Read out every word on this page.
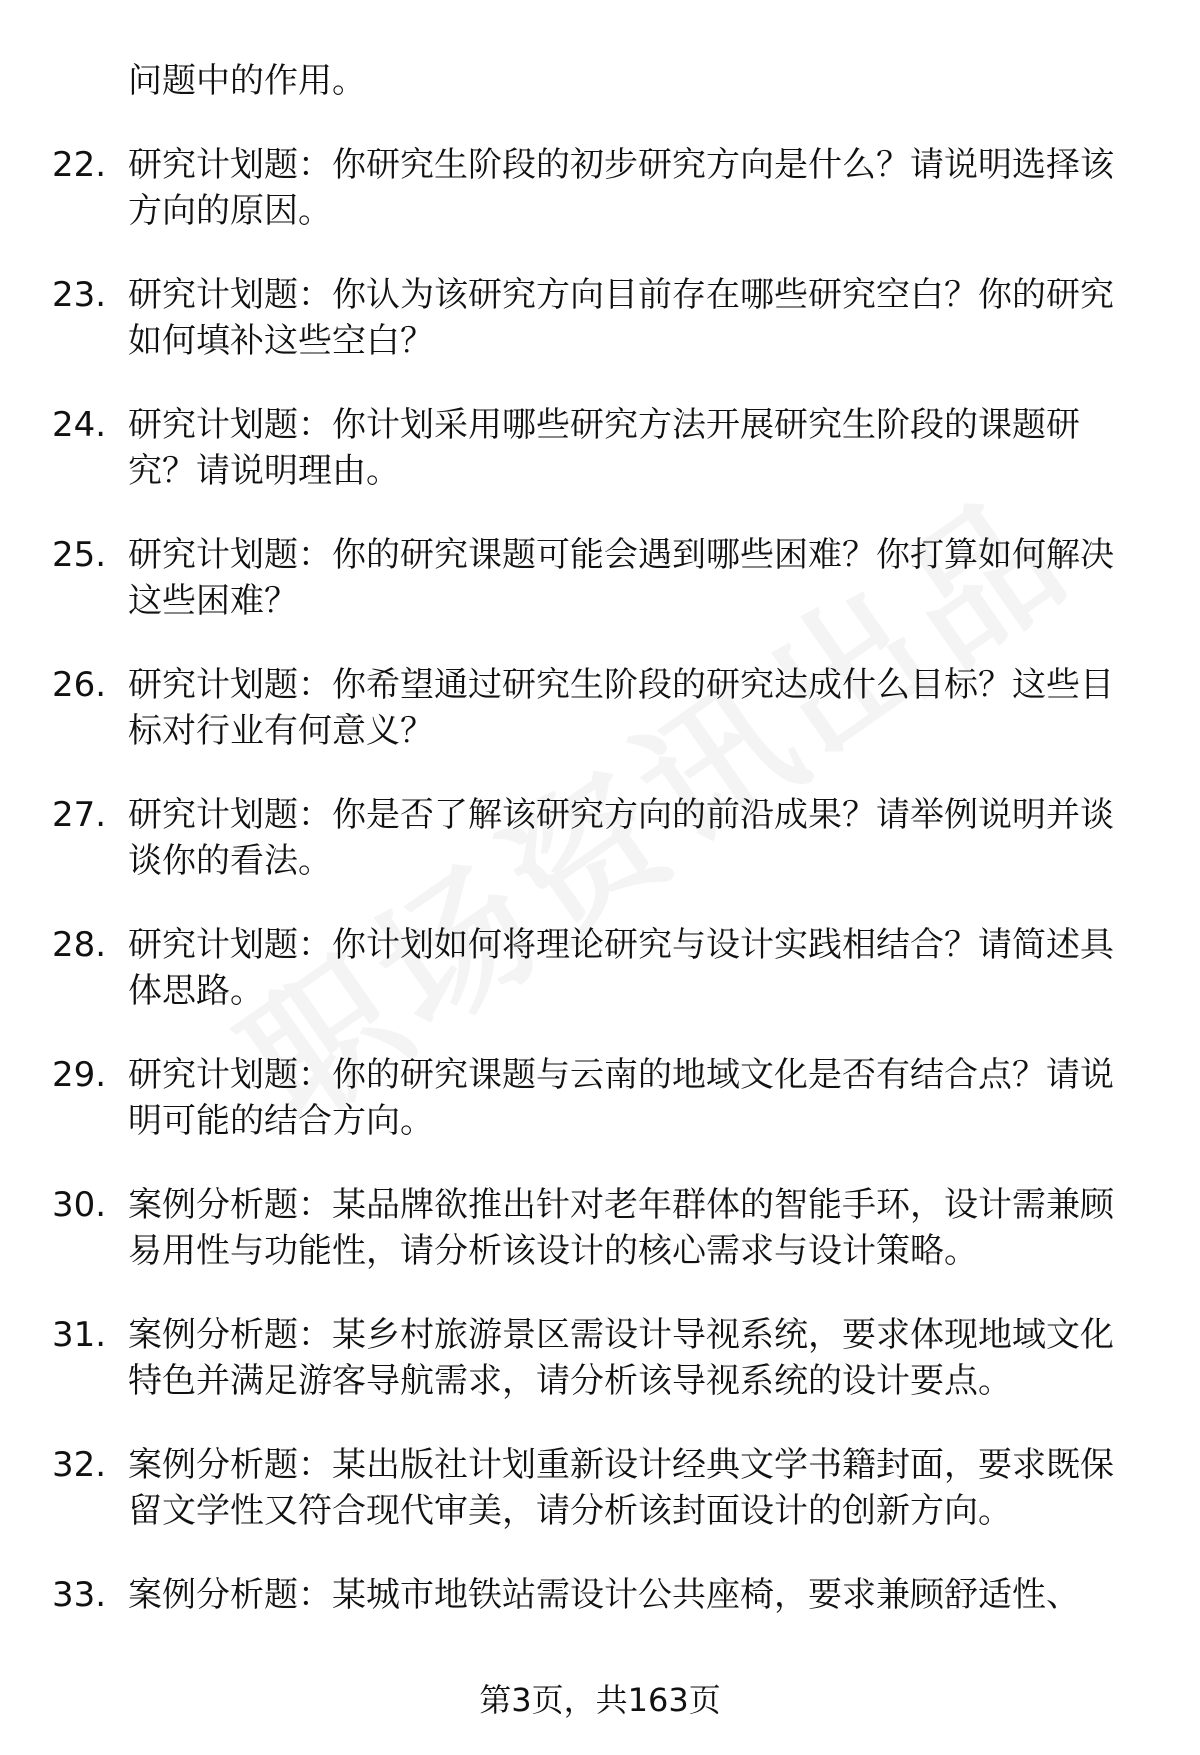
问题中的作用。
22. 研究计划题：你研究生阶段的初步研究方向是什么？请说明选择该方向的原因。
23. 研究计划题：你认为该研究方向目前存在哪些研究空白？你的研究如何填补这些空白？
24. 研究计划题：你计划采用哪些研究方法开展研究生阶段的课题研究？请说明理由。
25. 研究计划题：你的研究课题可能会遇到哪些困难？你打算如何解决这些困难？
26. 研究计划题：你希望通过研究生阶段的研究达成什么目标？这些目标对行业有何意义？
27. 研究计划题：你是否了解该研究方向的前沿成果？请举例说明并谈谈你的看法。
28. 研究计划题：你计划如何将理论研究与设计实践相结合？请简述具体思路。
29. 研究计划题：你的研究课题与云南的地域文化是否有结合点？请说明可能的结合方向。
30. 案例分析题：某品牌欲推出针对老年群体的智能手环，设计需兼顾易用性与功能性，请分析该设计的核心需求与设计策略。
31. 案例分析题：某乡村旅游景区需设计导视系统，要求体现地域文化特色并满足游客导航需求，请分析该导视系统的设计要点。
32. 案例分析题：某出版社计划重新设计经典文学书籍封面，要求既保留文学性又符合现代审美，请分析该封面设计的创新方向。
33. 案例分析题：某城市地铁站需设计公共座椅，要求兼顾舒适性、
第3页，共163页
